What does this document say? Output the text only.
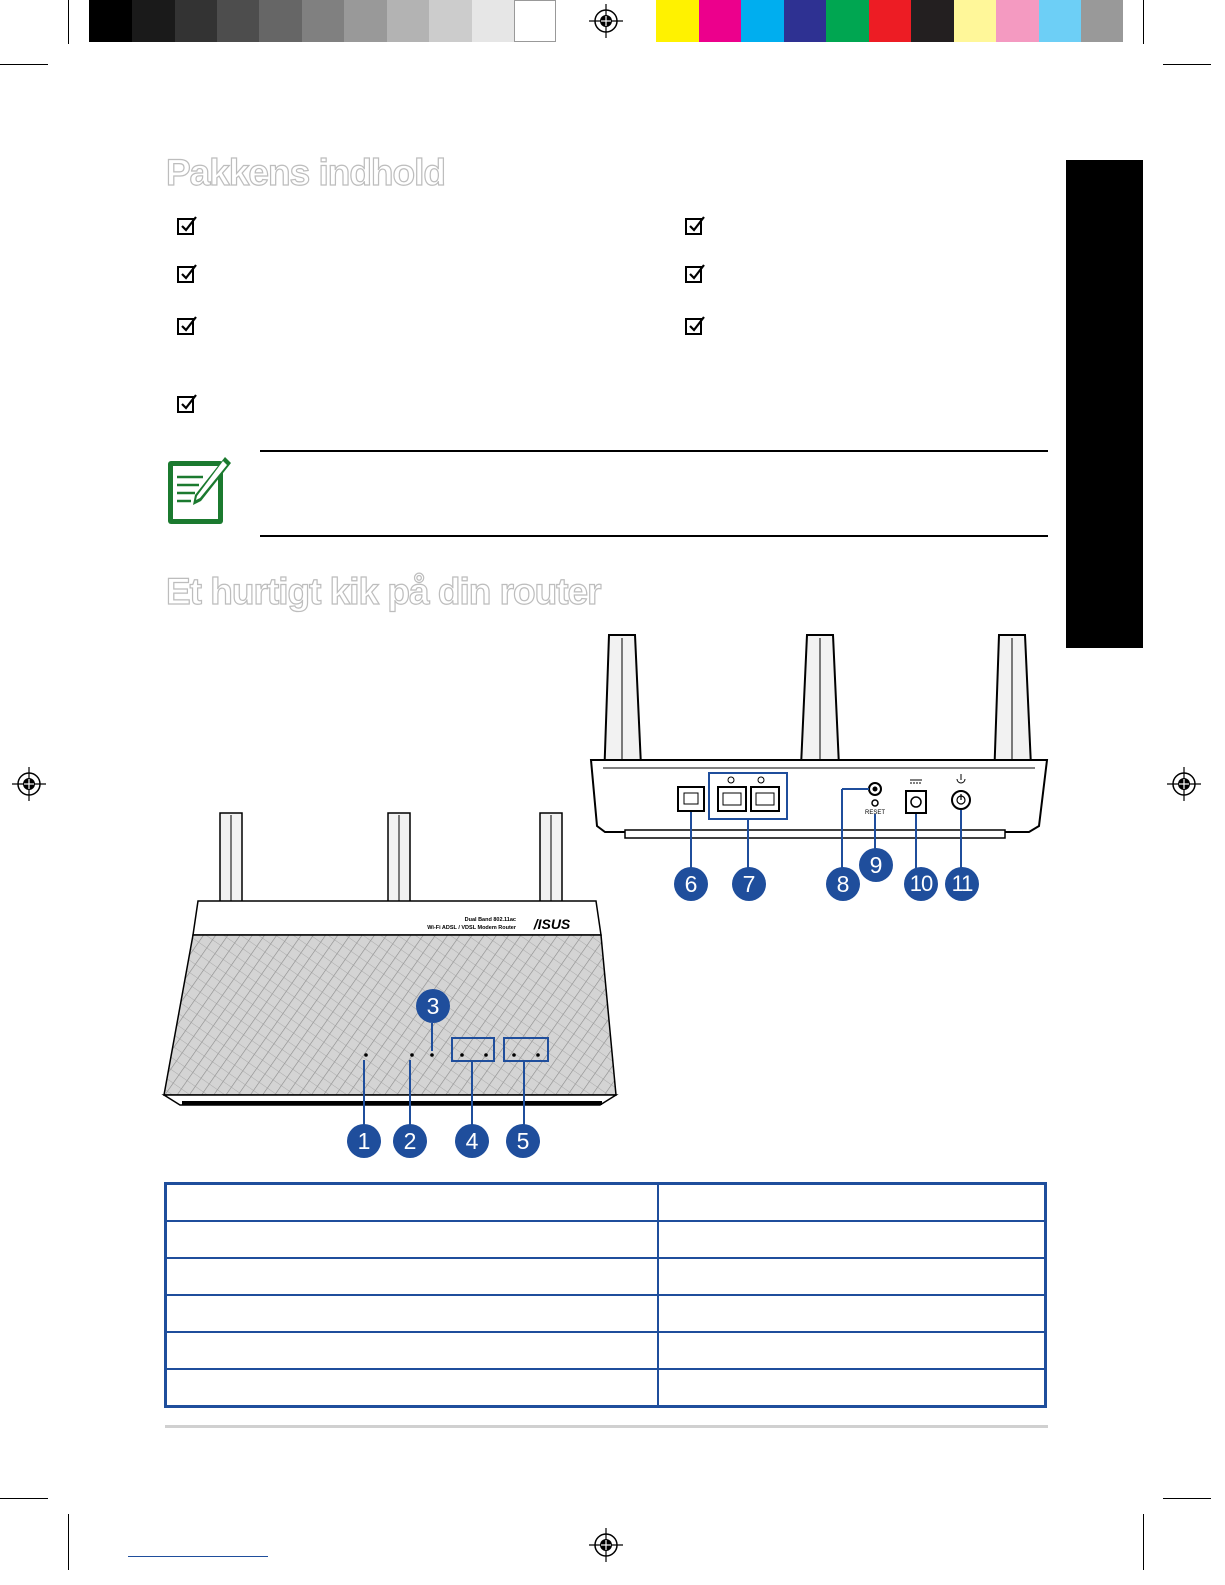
Pakkens indhold
Et hurtigt kik på din router
RESET
6	7	8
9
10 11
Dual Band 802.11ac
Wi-Fi ADSL / VDSL Modem Router /ISUS
1	2
3
4	5
